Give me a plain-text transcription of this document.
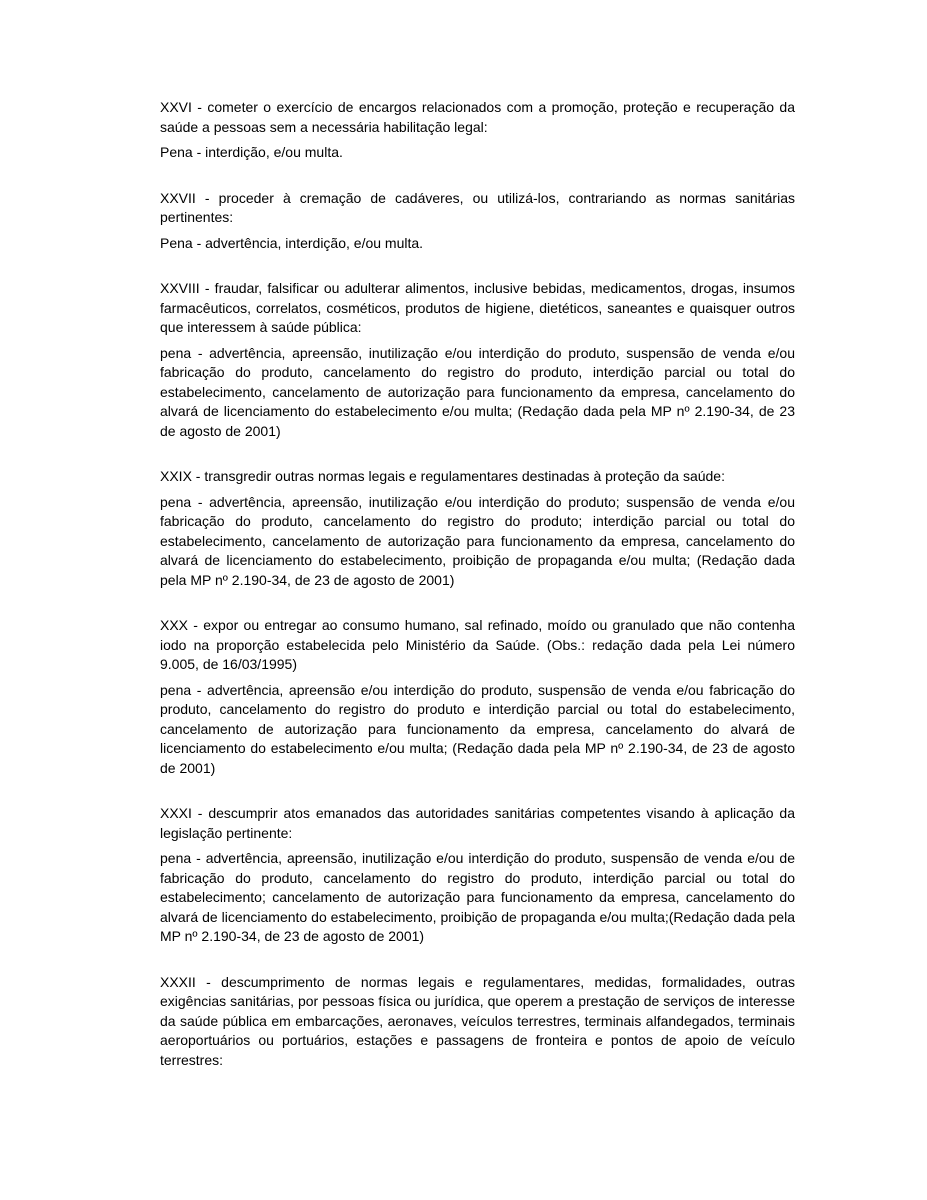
XXVI - cometer o exercício de encargos relacionados com a promoção, proteção e recuperação da saúde a pessoas sem a necessária habilitação legal:

Pena - interdição, e/ou multa.

XXVII - proceder à cremação de cadáveres, ou utilizá-los, contrariando as normas sanitárias pertinentes:

Pena - advertência, interdição, e/ou multa.

XXVIII - fraudar, falsificar ou adulterar alimentos, inclusive bebidas, medicamentos, drogas, insumos farmacêuticos, correlatos, cosméticos, produtos de higiene, dietéticos, saneantes e quaisquer outros que interessem à saúde pública:

pena - advertência, apreensão, inutilização e/ou interdição do produto, suspensão de venda e/ou fabricação do produto, cancelamento do registro do produto, interdição parcial ou total do estabelecimento, cancelamento de autorização para funcionamento da empresa, cancelamento do alvará de licenciamento do estabelecimento e/ou multa; (Redação dada pela MP nº 2.190-34, de 23 de agosto de 2001)

XXIX - transgredir outras normas legais e regulamentares destinadas à proteção da saúde:

pena - advertência, apreensão, inutilização e/ou interdição do produto; suspensão de venda e/ou fabricação do produto, cancelamento do registro do produto; interdição parcial ou total do estabelecimento, cancelamento de autorização para funcionamento da empresa, cancelamento do alvará de licenciamento do estabelecimento, proibição de propaganda e/ou multa; (Redação dada pela MP nº 2.190-34, de 23 de agosto de 2001)

XXX - expor ou entregar ao consumo humano, sal refinado, moído ou granulado que não contenha iodo na proporção estabelecida pelo Ministério da Saúde. (Obs.: redação dada pela Lei número 9.005, de 16/03/1995)

pena - advertência, apreensão e/ou interdição do produto, suspensão de venda e/ou fabricação do produto, cancelamento do registro do produto e interdição parcial ou total do estabelecimento, cancelamento de autorização para funcionamento da empresa, cancelamento do alvará de licenciamento do estabelecimento e/ou multa; (Redação dada pela MP nº 2.190-34, de 23 de agosto de 2001)

XXXI - descumprir atos emanados das autoridades sanitárias competentes visando à aplicação da legislação pertinente:

pena - advertência, apreensão, inutilização e/ou interdição do produto, suspensão de venda e/ou de fabricação do produto, cancelamento do registro do produto, interdição parcial ou total do estabelecimento; cancelamento de autorização para funcionamento da empresa, cancelamento do alvará de licenciamento do estabelecimento, proibição de propaganda e/ou multa;(Redação dada pela MP nº 2.190-34, de 23 de agosto de 2001)

XXXII - descumprimento de normas legais e regulamentares, medidas, formalidades, outras exigências sanitárias, por pessoas física ou jurídica, que operem a prestação de serviços de interesse da saúde pública em embarcações, aeronaves, veículos terrestres, terminais alfandegados, terminais aeroportuários ou portuários, estações e passagens de fronteira e pontos de apoio de veículo terrestres:
